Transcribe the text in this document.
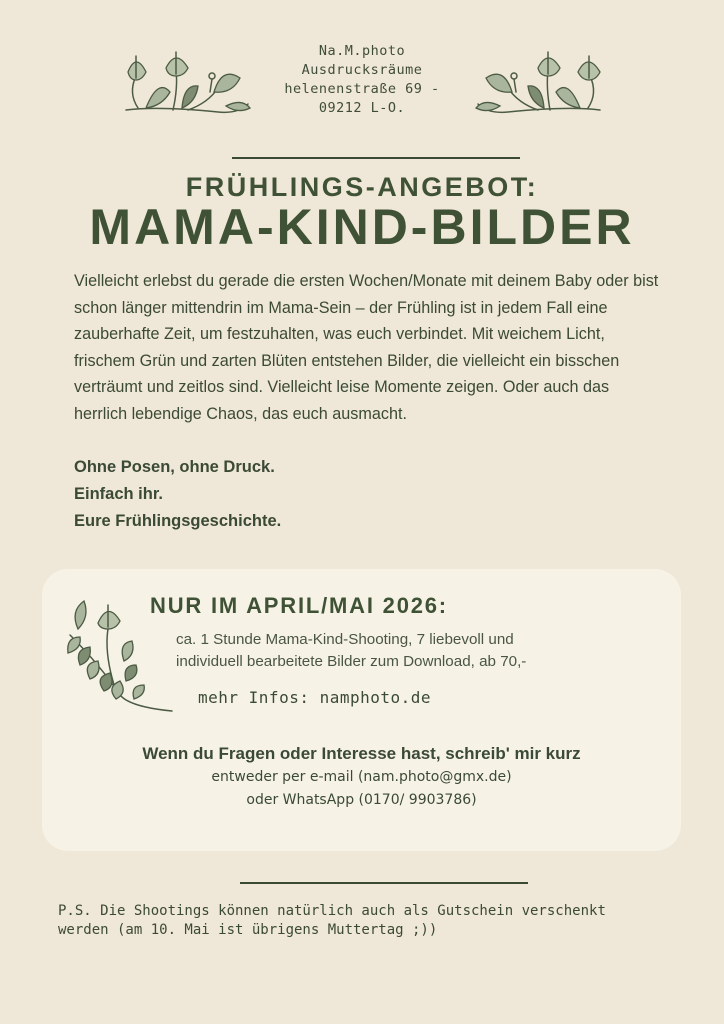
Na.M.photo
Ausdrucksräume
helenenstraße 69 -
09212 L-O.
FRÜHLINGS-ANGEBOT:
MAMA-KIND-BILDER
Vielleicht erlebst du gerade die ersten Wochen/Monate mit deinem Baby oder bist schon länger mittendrin im Mama-Sein – der Frühling ist in jedem Fall eine zauberhafte Zeit, um festzuhalten, was euch verbindet. Mit weichem Licht, frischem Grün und zarten Blüten entstehen Bilder, die vielleicht ein bisschen verträumt und zeitlos sind. Vielleicht leise Momente zeigen. Oder auch das herrlich lebendige Chaos, das euch ausmacht.
Ohne Posen, ohne Druck.
Einfach ihr.
Eure Frühlingsgeschichte.
NUR IM APRIL/MAI 2026:
ca. 1 Stunde Mama-Kind-Shooting, 7 liebevoll und
individuell bearbeitete Bilder zum Download, ab 70,-
mehr Infos: namphoto.de
Wenn du Fragen oder Interesse hast, schreib' mir kurz
entweder per e-mail (nam.photo@gmx.de)
oder WhatsApp (0170/ 9903786)
P.S. Die Shootings können natürlich auch als Gutschein verschenkt
werden (am 10. Mai ist übrigens Muttertag ;))
